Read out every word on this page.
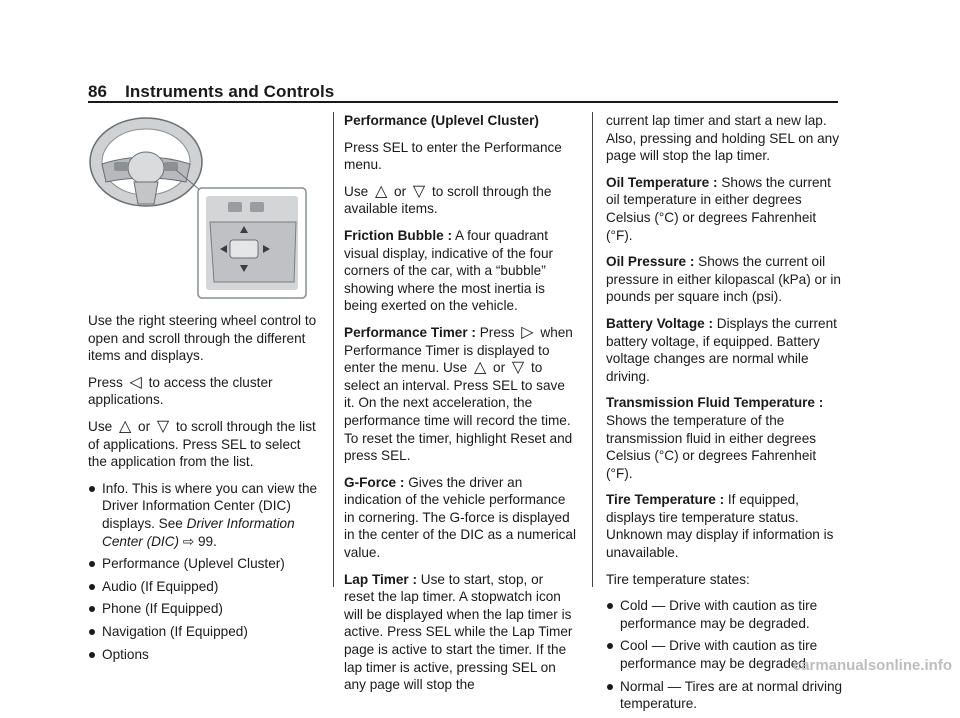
86 Instruments and Controls

Use the right steering wheel control to open and scroll through the different items and displays.

Press ◁ to access the cluster applications.

Use △ or ▽ to scroll through the list of applications. Press SEL to select the application from the list.

Info. This is where you can view the Driver Information Center (DIC) displays. See Driver Information Center (DIC) ⇨ 99.
Performance (Uplevel Cluster)
Audio (If Equipped)
Phone (If Equipped)
Navigation (If Equipped)
Options

Performance (Uplevel Cluster)

Press SEL to enter the Performance menu.

Use △ or ▽ to scroll through the available items.

Friction Bubble : A four quadrant visual display, indicative of the four corners of the car, with a “bubble” showing where the most inertia is being exerted on the vehicle.

Performance Timer : Press ▷ when Performance Timer is displayed to enter the menu. Use △ or ▽ to select an interval. Press SEL to save it. On the next acceleration, the performance time will record the time. To reset the timer, highlight Reset and press SEL.

G-Force : Gives the driver an indication of the vehicle performance in cornering. The G-force is displayed in the center of the DIC as a numerical value.

Lap Timer : Use to start, stop, or reset the lap timer. A stopwatch icon will be displayed when the lap timer is active. Press SEL while the Lap Timer page is active to start the timer. If the lap timer is active, pressing SEL on any page will stop the

current lap timer and start a new lap. Also, pressing and holding SEL on any page will stop the lap timer.

Oil Temperature : Shows the current oil temperature in either degrees Celsius (°C) or degrees Fahrenheit (°F).

Oil Pressure : Shows the current oil pressure in either kilopascal (kPa) or in pounds per square inch (psi).

Battery Voltage : Displays the current battery voltage, if equipped. Battery voltage changes are normal while driving.

Transmission Fluid Temperature : Shows the temperature of the transmission fluid in either degrees Celsius (°C) or degrees Fahrenheit (°F).

Tire Temperature : If equipped, displays tire temperature status. Unknown may display if information is unavailable.

Tire temperature states:

Cold — Drive with caution as tire performance may be degraded.
Cool — Drive with caution as tire performance may be degraded.
Normal — Tires are at normal driving temperature.
carmanualsonline.info
